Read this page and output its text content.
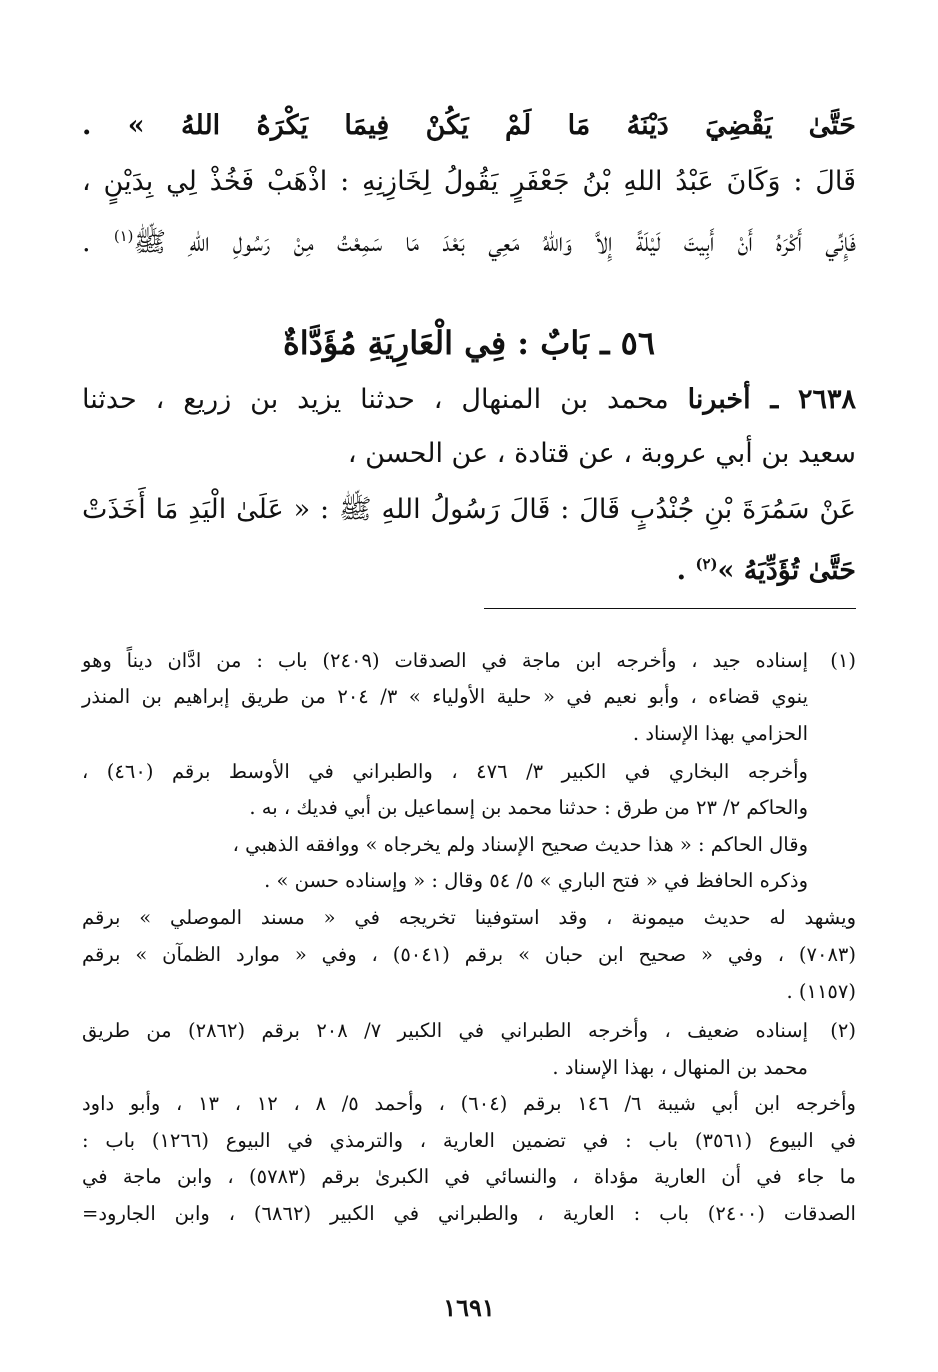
حَتَّىٰ يَقْضِيَ دَيْنَهُ مَا لَمْ يَكُنْ فِيمَا يَكْرَهُ اللهُ » .
قَالَ : وَكَانَ عَبْدُ اللهِ بْنُ جَعْفَرٍ يَقُولُ لِخَازِنِهِ : اذْهَبْ فَخُذْ لِي بِدَيْنٍ ،
فَإِنِّي أَكْرَهُ أَنْ أَبِيتَ لَيْلَةً إِلاَّ وَاللهُ مَعِي بَعْدَ مَا سَمِعْتُ مِنْ رَسُولِ اللهِ ﷺ$^{(١)}$ .
٥٦ ـ بَابٌ : فِي الْعَارِيَةِ مُؤَدَّاةٌ
٢٦٣٨ ـ أخبرنا محمد بن المنهال ، حدثنا يزيد بن زريع ، حدثنا
سعيد بن أبي عروبة ، عن قتادة ، عن الحسن ،
عَنْ سَمُرَةَ بْنِ جُنْدُبٍ قَالَ : قَالَ رَسُولُ اللهِ ﷺ : « عَلَىٰ الْيَدِ مَا أَخَذَتْ
حَتَّىٰ تُؤَدِّيَهُ »$^{(٢)}$ .
(١)
إسناده جيد ، وأخرجه ابن ماجة في الصدقات (٢٤٠٩) باب : من ادَّان ديناً وهو
ينوي قضاءه ، وأبو نعيم في « حلية الأولياء » ٣/ ٢٠٤ من طريق إبراهيم بن المنذر
الحزامي بهذا الإسناد .
وأخرجه البخاري في الكبير ٣/ ٤٧٦ ، والطبراني في الأوسط برقم (٤٦٠) ،
والحاكم ٢/ ٢٣ من طرق : حدثنا محمد بن إسماعيل بن أبي فديك ، به .
وقال الحاكم : « هذا حديث صحيح الإسناد ولم يخرجاه » ووافقه الذهبي ،
وذكره الحافظ في « فتح الباري » ٥/ ٥٤ وقال : « وإسناده حسن » .
ويشهد له حديث ميمونة ، وقد استوفينا تخريجه في « مسند الموصلي » برقم
(٧٠٨٣) ، وفي « صحيح ابن حبان » برقم (٥٠٤١) ، وفي « موارد الظمآن » برقم
(١١٥٧) .
(٢)
إسناده ضعيف ، وأخرجه الطبراني في الكبير ٧/ ٢٠٨ برقم (٢٨٦٢) من طريق
محمد بن المنهال ، بهذا الإسناد .
وأخرجه ابن أبي شيبة ٦/ ١٤٦ برقم (٦٠٤) ، وأحمد ٥/ ٨ ، ١٢ ، ١٣ ، وأبو داود
في البيوع (٣٥٦١) باب : في تضمين العارية ، والترمذي في البيوع (١٢٦٦) باب :
ما جاء في أن العارية مؤداة ، والنسائي في الكبرىٰ برقم (٥٧٨٣) ، وابن ماجة في
الصدقات (٢٤٠٠) باب : العارية ، والطبراني في الكبير (٦٨٦٢) ، وابن الجارود=
١٦٩١
